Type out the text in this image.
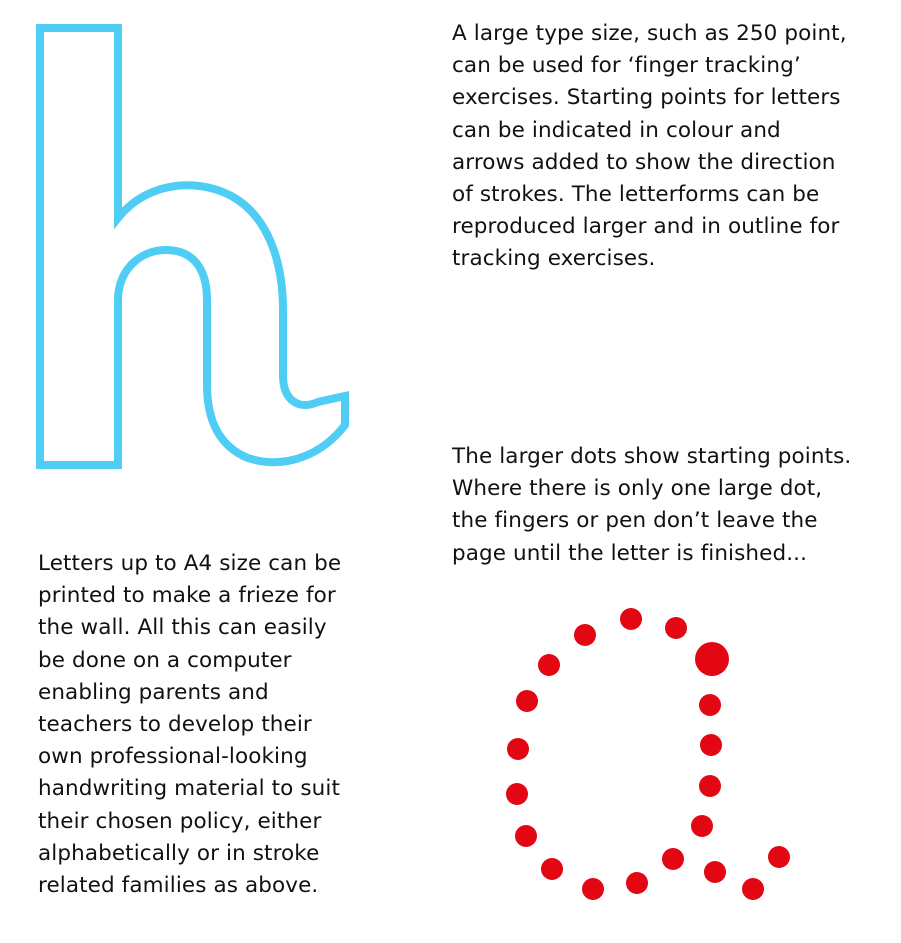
A large type size, such as 250 point,
can be used for ‘finger tracking’
exercises. Starting points for letters
can be indicated in colour and
arrows added to show the direction
of strokes. The letterforms can be
reproduced larger and in outline for
tracking exercises.

The larger dots show starting points.
Where there is only one large dot,
the fingers or pen don’t leave the
page until the letter is finished...

Letters up to A4 size can be
printed to make a frieze for
the wall. All this can easily
be done on a computer
enabling parents and
teachers to develop their
own professional-looking
handwriting material to suit
their chosen policy, either
alphabetically or in stroke
related families as above.
